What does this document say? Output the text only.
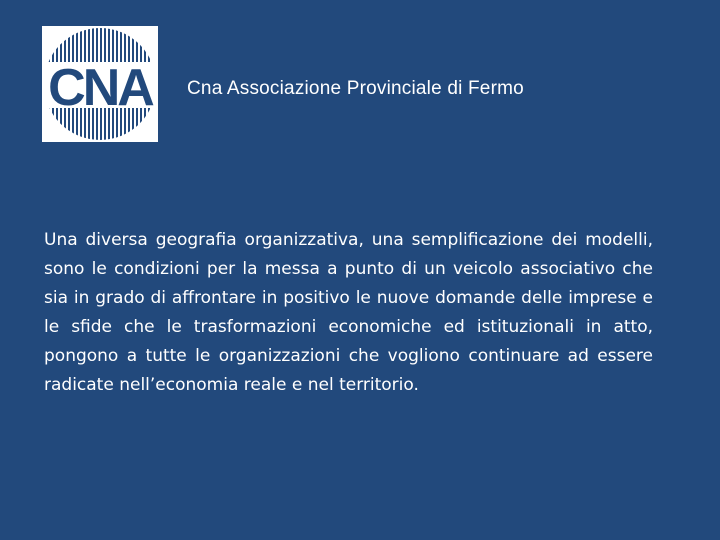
CNA Cna Associazione Provinciale di Fermo

Una diversa geografia organizzativa, una semplificazione dei modelli, sono le condizioni per la messa a punto di un veicolo associativo che sia in grado di affrontare in positivo le nuove domande delle imprese e le sfide che le trasformazioni economiche ed istituzionali in atto, pongono a tutte le organizzazioni che vogliono continuare ad essere radicate nell’economia reale e nel territorio.
